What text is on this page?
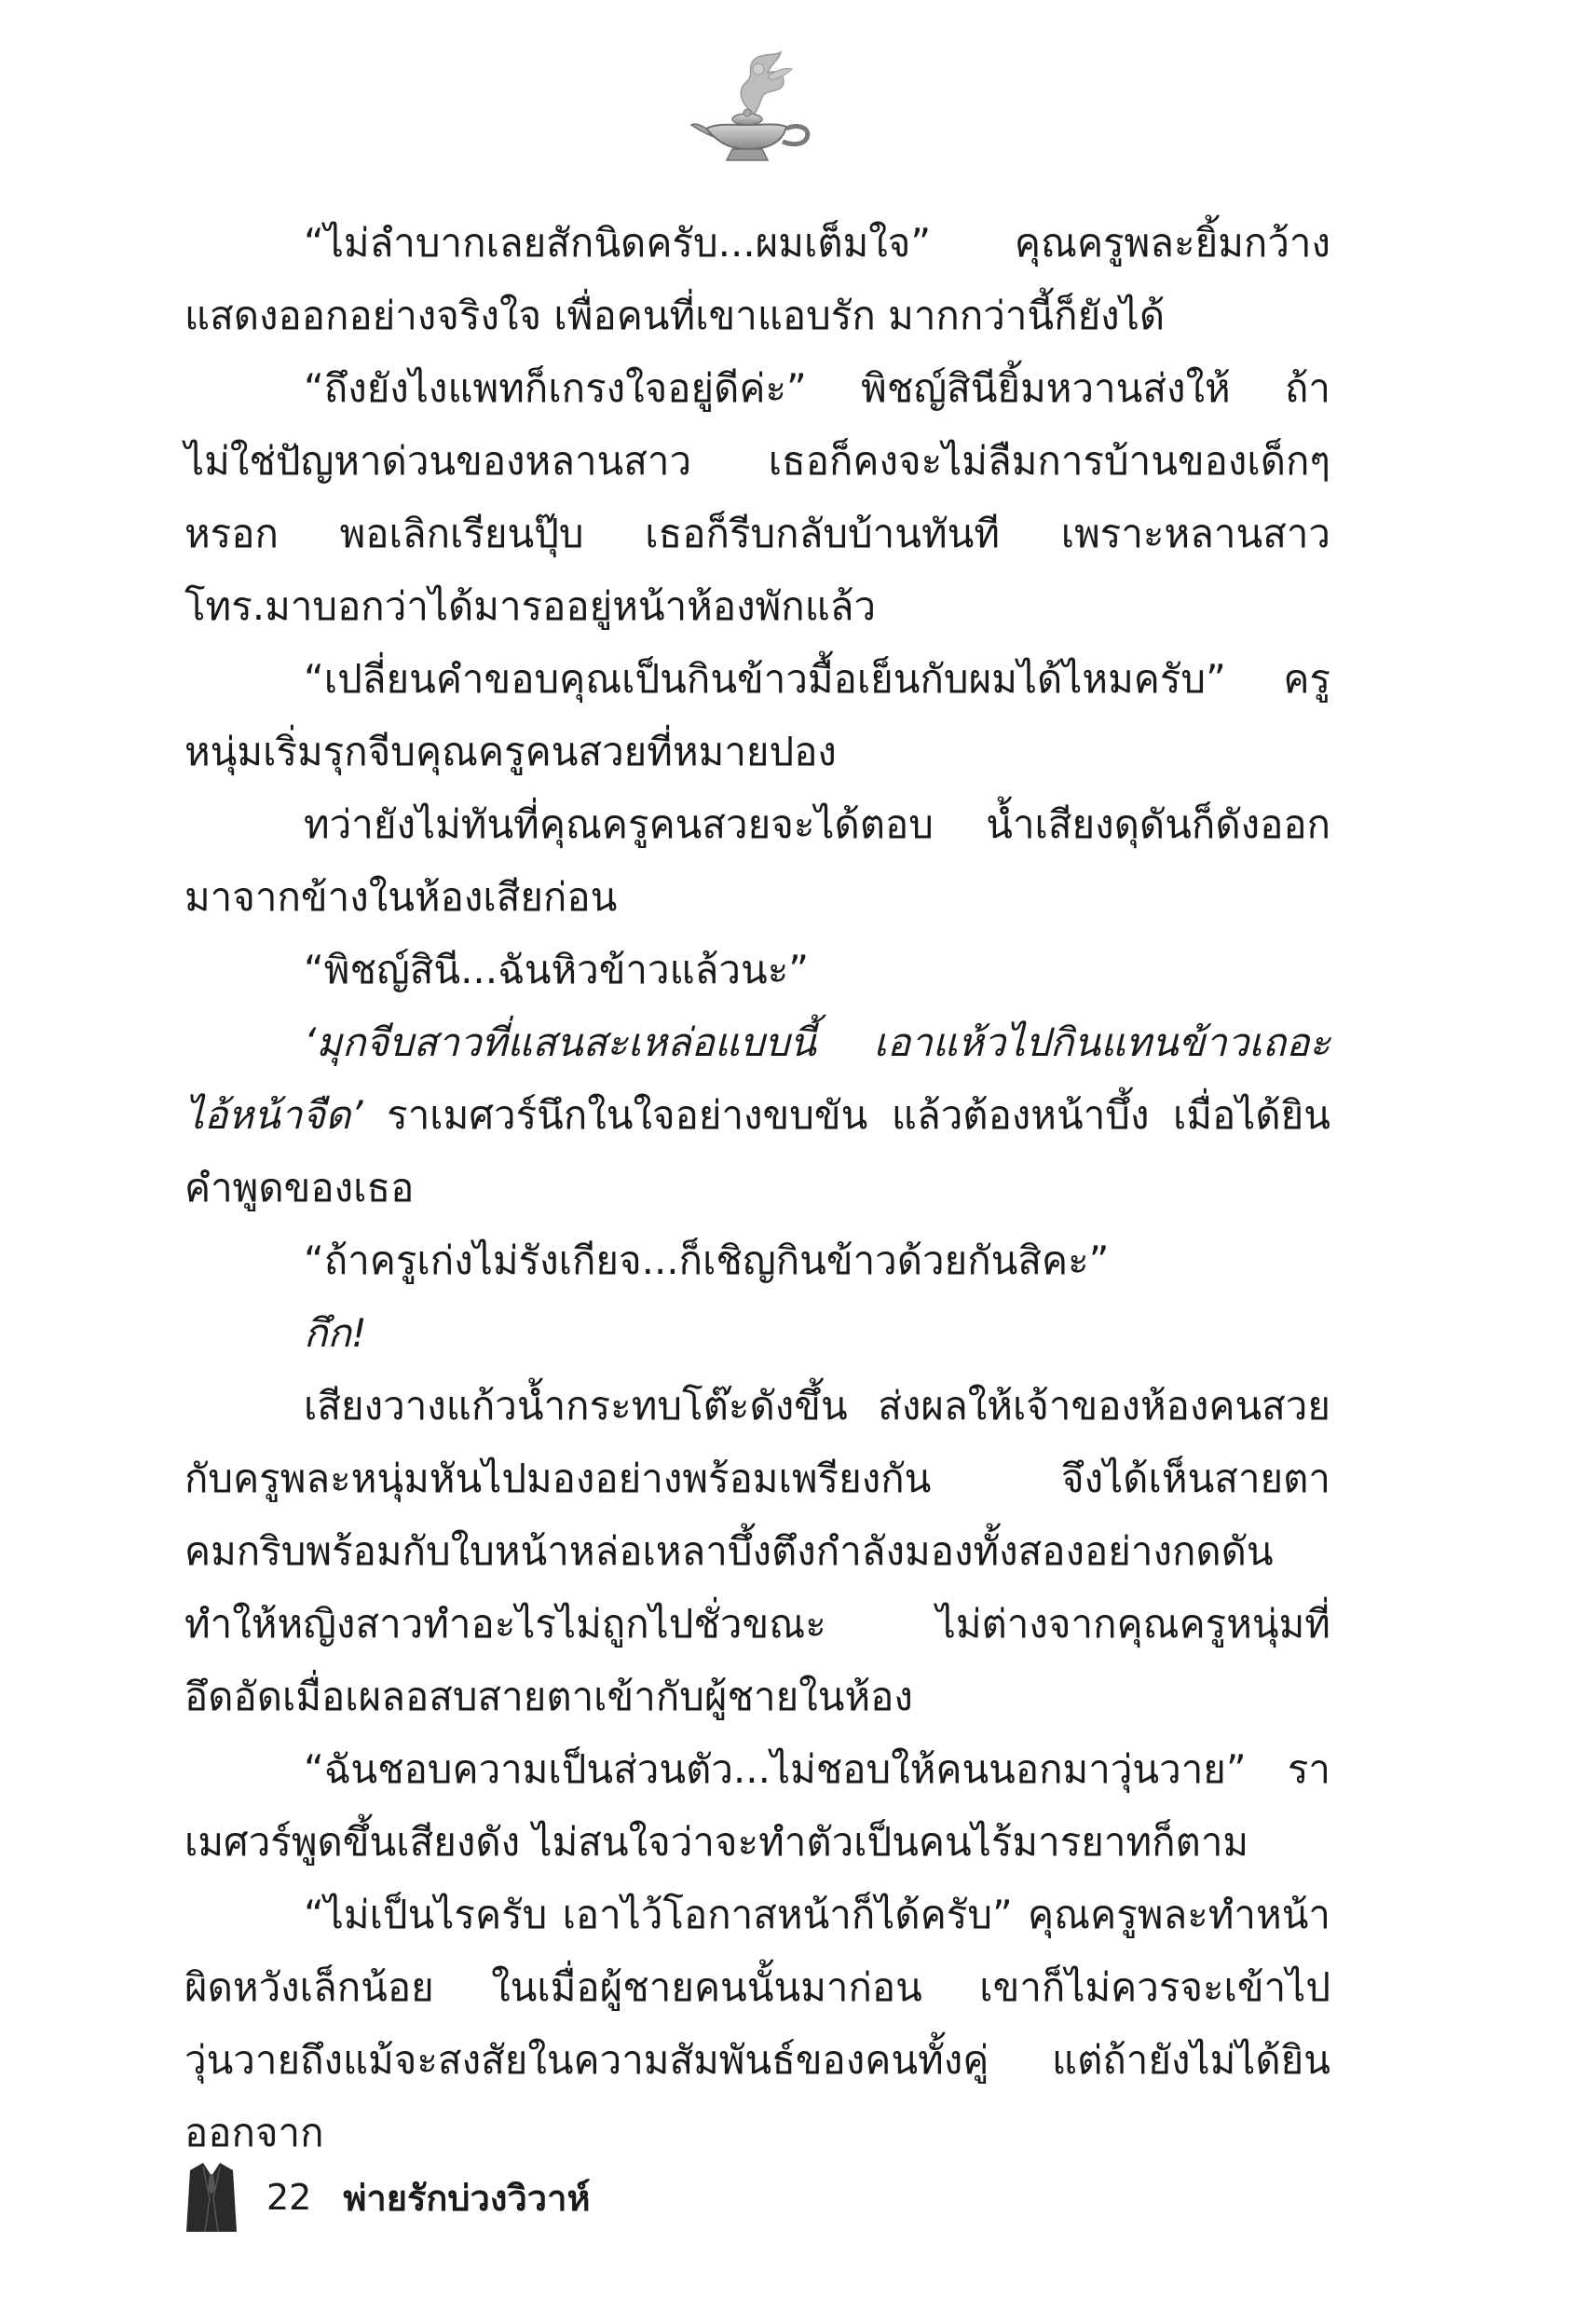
“ไม่ลำบากเลยสักนิดครับ...ผมเต็มใจ” คุณครูพละยิ้มกว้างแสดงออกอย่างจริงใจ เพื่อคนที่เขาแอบรัก มากกว่านี้ก็ยังได้

“ถึงยังไงแพทก็เกรงใจอยู่ดีค่ะ” พิชญ์สินียิ้มหวานส่งให้ ถ้าไม่ใช่ปัญหาด่วนของหลานสาว เธอก็คงจะไม่ลืมการบ้านของเด็กๆ หรอก พอเลิกเรียนปุ๊บ เธอก็รีบกลับบ้านทันที เพราะหลานสาวโทร.มาบอกว่าได้มารออยู่หน้าห้องพักแล้ว

“เปลี่ยนคำขอบคุณเป็นกินข้าวมื้อเย็นกับผมได้ไหมครับ” ครูหนุ่มเริ่มรุกจีบคุณครูคนสวยที่หมายปอง

ทว่ายังไม่ทันที่คุณครูคนสวยจะได้ตอบ น้ำเสียงดุดันก็ดังออกมาจากข้างในห้องเสียก่อน

“พิชญ์สินี...ฉันหิวข้าวแล้วนะ”

‘มุกจีบสาวที่แสนสะเหล่อแบบนี้ เอาแห้วไปกินแทนข้าวเถอะ ไอ้หน้าจืด’ ราเมศวร์นึกในใจอย่างขบขัน แล้วต้องหน้าบึ้ง เมื่อได้ยินคำพูดของเธอ

“ถ้าครูเก่งไม่รังเกียจ...ก็เชิญกินข้าวด้วยกันสิคะ”

กึก!

เสียงวางแก้วน้ำกระทบโต๊ะดังขึ้น ส่งผลให้เจ้าของห้องคนสวยกับครูพละหนุ่มหันไปมองอย่างพร้อมเพรียงกัน จึงได้เห็นสายตาคมกริบพร้อมกับใบหน้าหล่อเหลาบึ้งตึงกำลังมองทั้งสองอย่างกดดันทำให้หญิงสาวทำอะไรไม่ถูกไปชั่วขณะ ไม่ต่างจากคุณครูหนุ่มที่อึดอัดเมื่อเผลอสบสายตาเข้ากับผู้ชายในห้อง

“ฉันชอบความเป็นส่วนตัว...ไม่ชอบให้คนนอกมาวุ่นวาย” ราเมศวร์พูดขึ้นเสียงดัง ไม่สนใจว่าจะทำตัวเป็นคนไร้มารยาทก็ตาม

“ไม่เป็นไรครับ เอาไว้โอกาสหน้าก็ได้ครับ” คุณครูพละทำหน้าผิดหวังเล็กน้อย ในเมื่อผู้ชายคนนั้นมาก่อน เขาก็ไม่ควรจะเข้าไปวุ่นวายถึงแม้จะสงสัยในความสัมพันธ์ของคนทั้งคู่ แต่ถ้ายังไม่ได้ยินออกจาก

22 พ่ายรักบ่วงวิวาห์
